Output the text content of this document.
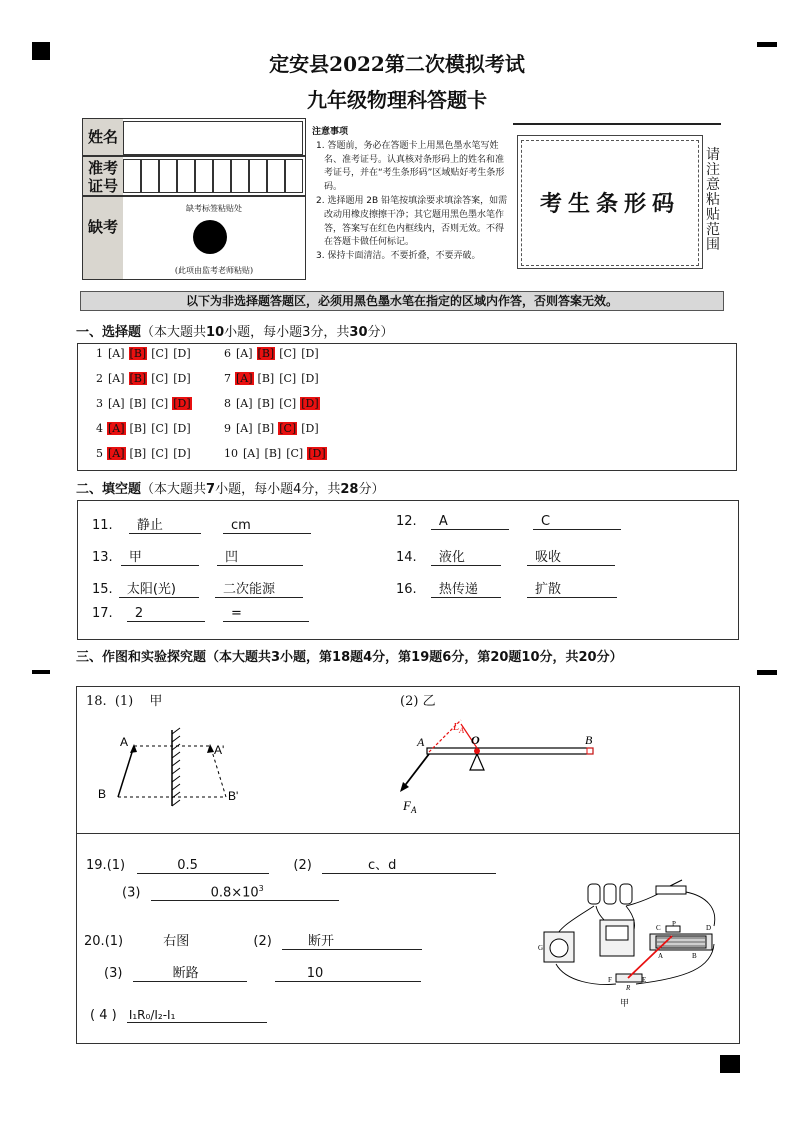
定安县2022第二次模拟考试
九年级物理科答题卡
姓名
准考
证号
缺考
缺考标签粘贴处
(此项由监考老师粘贴)
注意事项
1. 答题前，务必在答题卡上用黑色墨水笔写姓名、准考证号。认真核对条形码上的姓名和准考证号，并在“考生条形码”区域贴好考生条形码。
2. 选择题用 2B 铅笔按填涂要求填涂答案，如需改动用橡皮擦擦干净；其它题用黑色墨水笔作答，答案写在红色内框线内，否则无效。不得在答题卡做任何标记。
3. 保持卡面清洁。不要折叠，不要弄破。
考生条形码
请注意粘贴范围
以下为非选择题答题区，必须用黑色墨水笔在指定的区域内作答，否则答案无效。
一、选择题（本大题共10小题，每小题3分，共30分）
1 [A] [B] [C] [D]
2 [A] [B] [C] [D]
3 [A] [B] [C] [D]
4 [A] [B] [C] [D]
5 [A] [B] [C] [D]
6 [A] [B] [C] [D]
7 [A] [B] [C] [D]
8 [A] [B] [C] [D]
9 [A] [B] [C] [D]
10 [A] [B] [C] [D]
二、填空题（本大题共7小题，每小题4分，共28分）
11. 静止	cm	12. A	C
13. 甲	凹	14. 液化	吸收
15. 太阳(光)	二次能源	16. 热传递	扩散
17. 2	=
三、作图和实验探究题（本大题共3小题，第18题4分，第19题6分，第20题10分，共20分）
18. (1) 甲	(2) 乙
A
A'
B	B'
A	O	B
$L_A$
$F_A$
19.(1)	0.5	(2)	c、d
(3)	$0.8\times 10^3$
20.(1)	右图	(2)	断开
(3)	断路	10
( 4 ) I₁R₀/I₂-I₁
C P	D
G
A	B
F
R
E
甲
